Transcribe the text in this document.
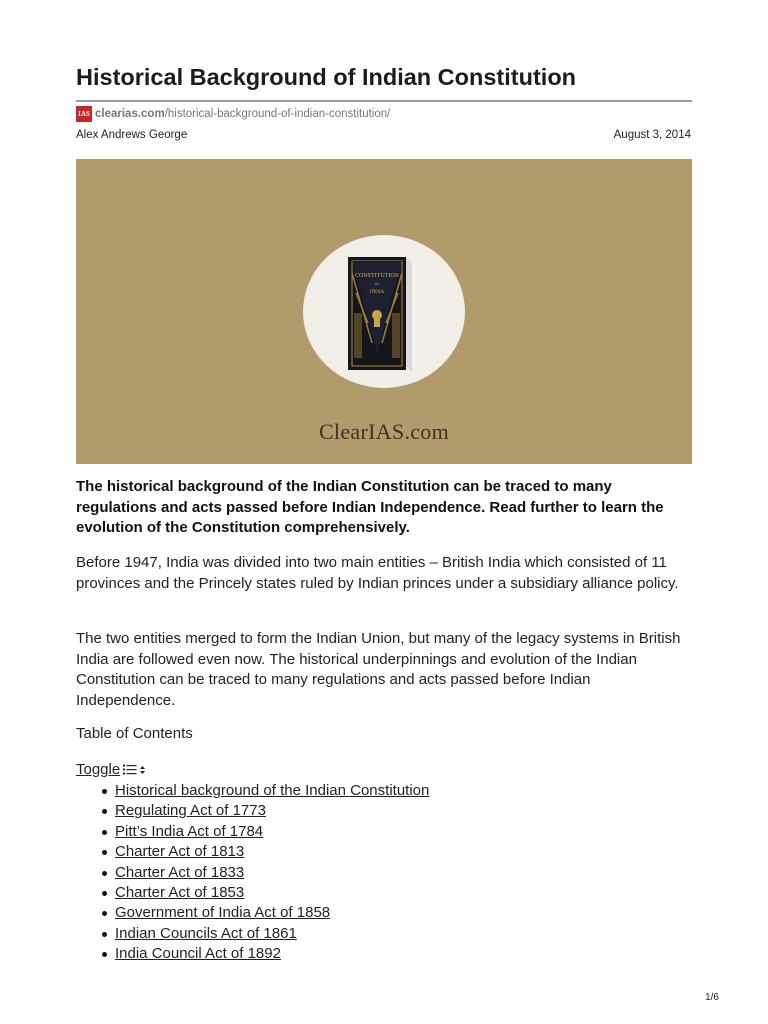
Historical Background of Indian Constitution
IAS clearias.com /historical-background-of-indian-constitution/
Alex Andrews George	August 3, 2014
CONSTITUTION
of
INDIA
ClearIAS.com

The historical background of the Indian Constitution can be traced to many regulations and acts passed before Indian Independence. Read further to learn the evolution of the Constitution comprehensively.

Before 1947, India was divided into two main entities – British India which consisted of 11 provinces and the Princely states ruled by Indian princes under a subsidiary alliance policy.

The two entities merged to form the Indian Union, but many of the legacy systems in British India are followed even now. The historical underpinnings and evolution of the Indian Constitution can be traced to many regulations and acts passed before Indian Independence.

Table of Contents
Toggle
Historical background of the Indian Constitution
Regulating Act of 1773
Pitt’s India Act of 1784
Charter Act of 1813
Charter Act of 1833
Charter Act of 1853
Government of India Act of 1858
Indian Councils Act of 1861
India Council Act of 1892
1/6
